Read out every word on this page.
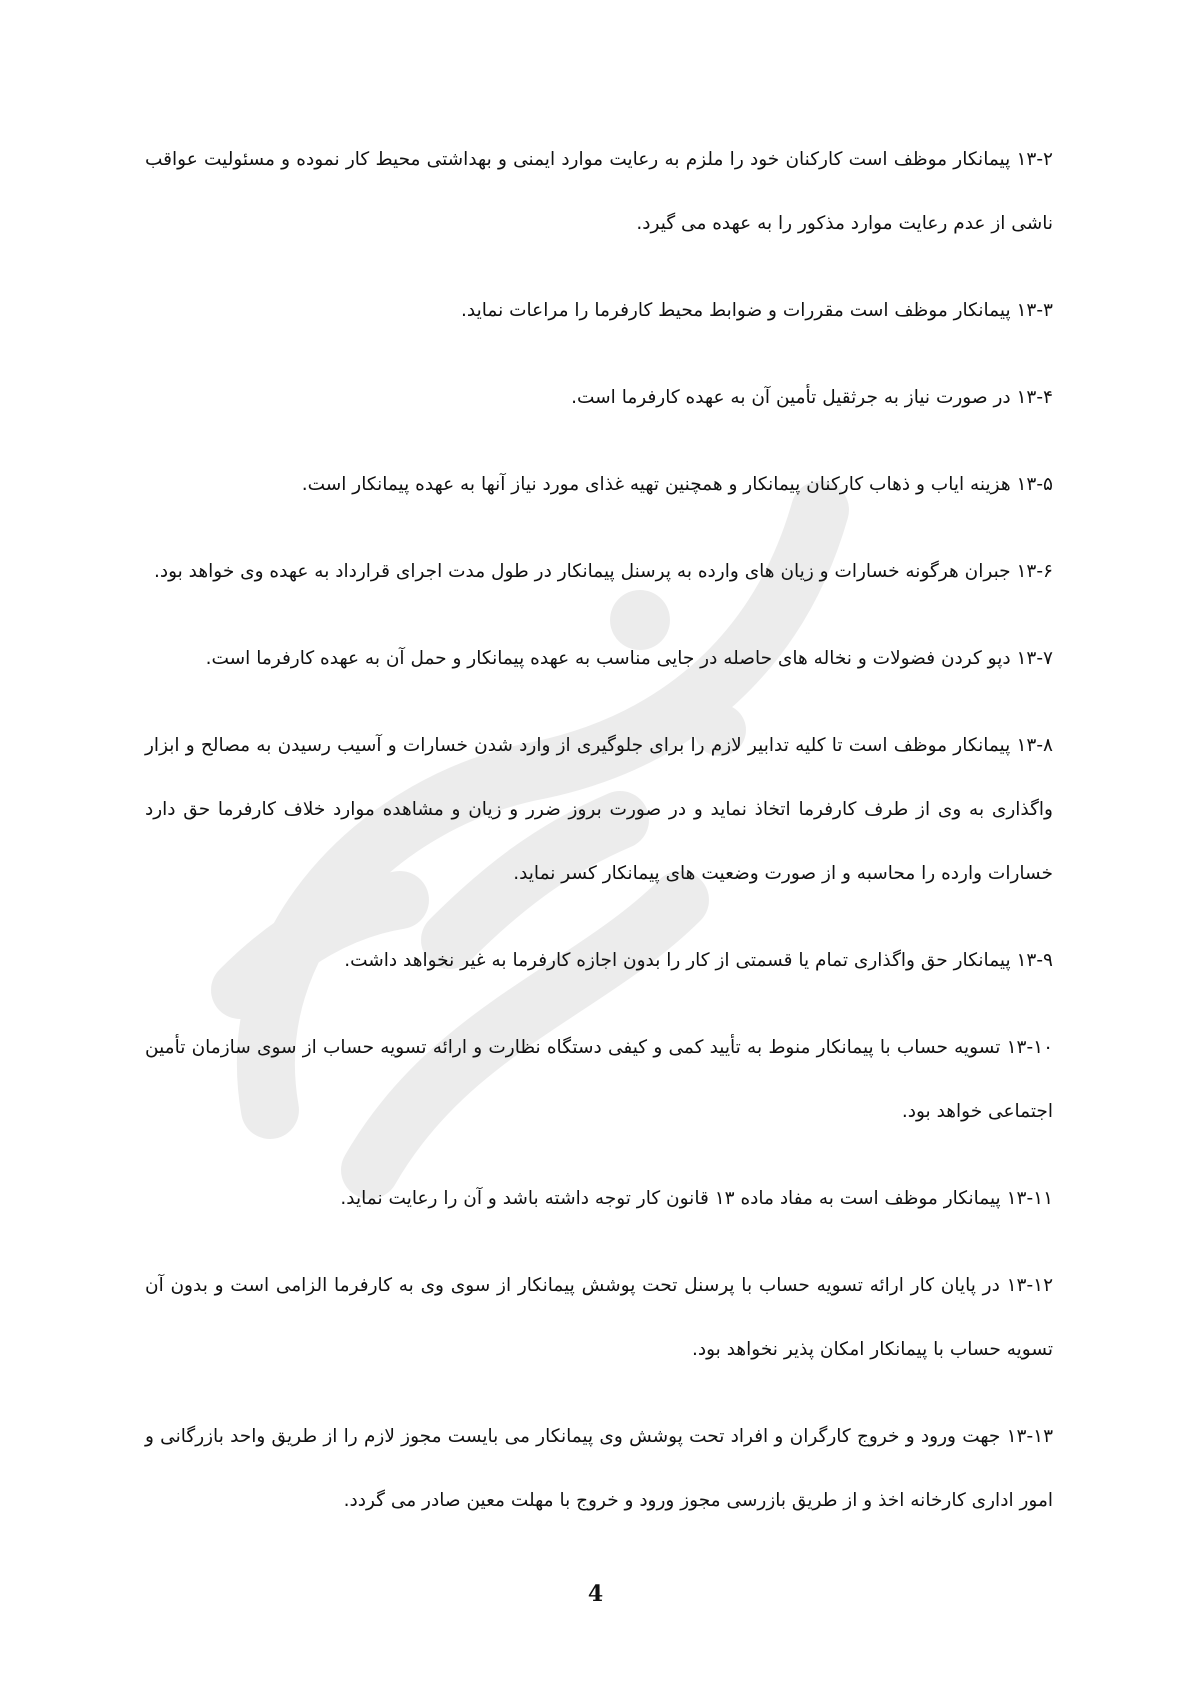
۱۳-۲ پیمانکار موظف است کارکنان خود را ملزم به رعایت موارد ایمنی و بهداشتی محیط کار نموده و مسئولیت عواقب ناشی از عدم رعایت موارد مذکور را به عهده می گیرد.

۱۳-۳ پیمانکار موظف است مقررات و ضوابط محیط کارفرما را مراعات نماید.

۱۳-۴ در صورت نیاز به جرثقیل تأمین آن به عهده کارفرما است.

۱۳-۵ هزینه ایاب و ذهاب کارکنان پیمانکار و همچنین تهیه غذای مورد نیاز آنها به عهده پیمانکار است.

۱۳-۶ جبران هرگونه خسارات و زیان های وارده به پرسنل پیمانکار در طول مدت اجرای قرارداد به عهده وی خواهد بود.

۱۳-۷ دپو کردن فضولات و نخاله های حاصله در جایی مناسب به عهده پیمانکار و حمل آن به عهده کارفرما است.

۱۳-۸ پیمانکار موظف است تا کلیه تدابیر لازم را برای جلوگیری از وارد شدن خسارات و آسیب رسیدن به مصالح و ابزار واگذاری به وی از طرف کارفرما اتخاذ نماید و در صورت بروز ضرر و زیان و مشاهده موارد خلاف کارفرما حق دارد خسارات وارده را محاسبه و از صورت وضعیت های پیمانکار کسر نماید.

۱۳-۹ پیمانکار حق واگذاری تمام یا قسمتی از کار را بدون اجازه کارفرما به غیر نخواهد داشت.

۱۳-۱۰ تسویه حساب با پیمانکار منوط به تأیید کمی و کیفی دستگاه نظارت و ارائه تسویه حساب از سوی سازمان تأمین اجتماعی خواهد بود.

۱۳-۱۱ پیمانکار موظف است به مفاد ماده ۱۳ قانون کار توجه داشته باشد و آن را رعایت نماید.

۱۳-۱۲ در پایان کار ارائه تسویه حساب با پرسنل تحت پوشش پیمانکار از سوی وی به کارفرما الزامی است و بدون آن تسویه حساب با پیمانکار امکان پذیر نخواهد بود.

۱۳-۱۳ جهت ورود و خروج کارگران و افراد تحت پوشش وی پیمانکار می بایست مجوز لازم را از طریق واحد بازرگانی و امور اداری کارخانه اخذ و از طریق بازرسی مجوز ورود و خروج با مهلت معین صادر می گردد.

4
